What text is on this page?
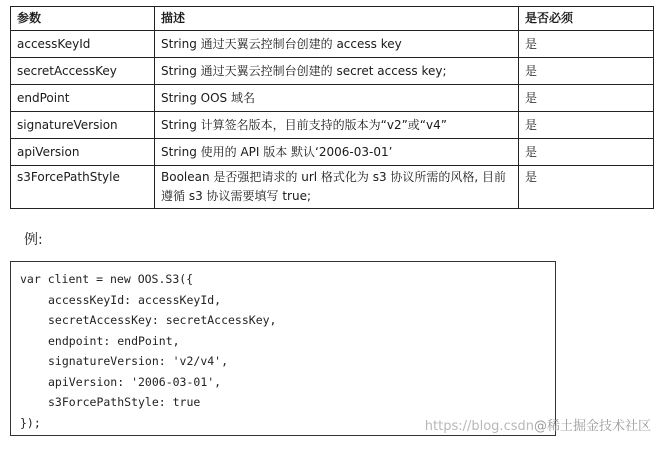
参数	描述	是否必须
accessKeyId	String 通过天翼云控制台创建的 access key	是
secretAccessKey	String 通过天翼云控制台创建的 secret access key;	是
endPoint	String OOS 域名	是
signatureVersion	String 计算签名版本，目前支持的版本为“v2”或“v4”	是
apiVersion	String 使用的 API 版本 默认‘2006-03-01’	是
s3ForcePathStyle	Boolean 是否强把请求的 url 格式化为 s3 协议所需的风格, 目前遵循 s3 协议需要填写 true;	是
例:
var client = new OOS.S3({
accessKeyId: accessKeyId,
secretAccessKey: secretAccessKey,
endpoint: endPoint,
signatureVersion: 'v2/v4',
apiVersion: '2006-03-01',
s3ForcePathStyle: true
});	https://blog.csdn@稀土掘金技术社区
